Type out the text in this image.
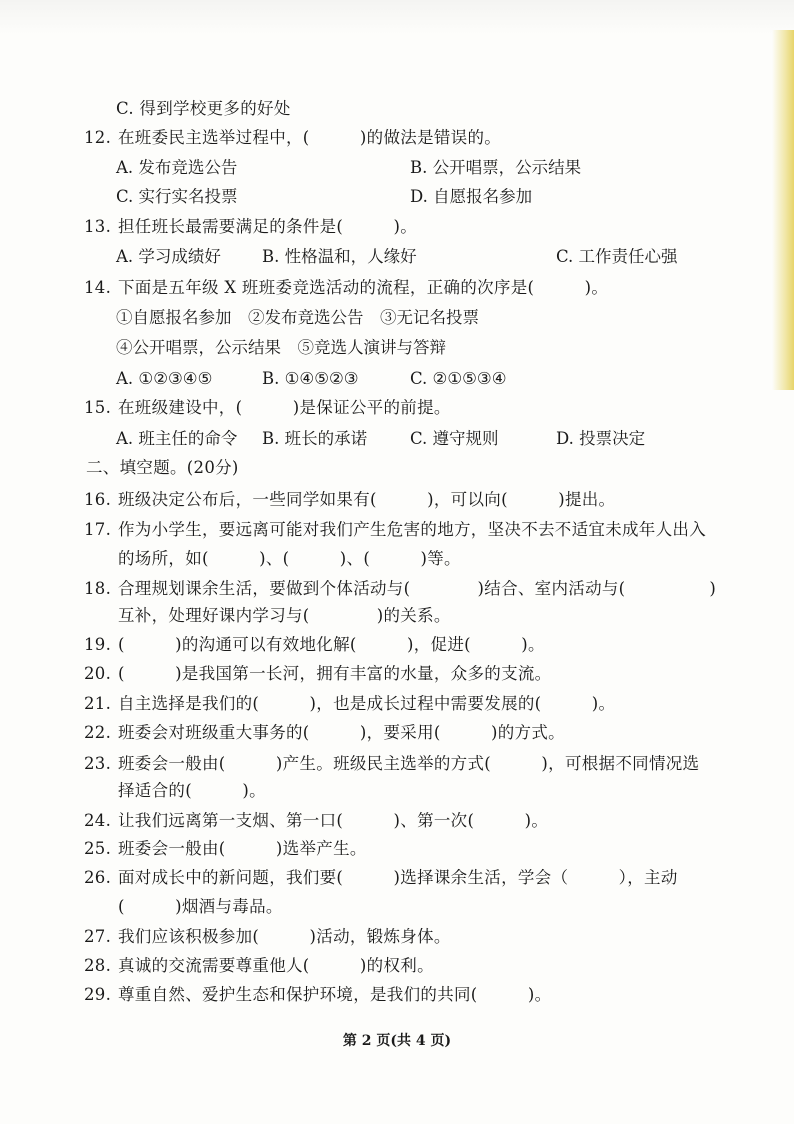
C. 得到学校更多的好处
12. 在班委民主选举过程中，(　　　)的做法是错误的。
A. 发布竞选公告	B. 公开唱票，公示结果
C. 实行实名投票	D. 自愿报名参加
13. 担任班长最需要满足的条件是(　　　)。
A. 学习成绩好 B. 性格温和，人缘好	C. 工作责任心强
14. 下面是五年级 X 班班委竞选活动的流程，正确的次序是(　　　)。
①自愿报名参加　②发布竞选公告　③无记名投票
④公开唱票，公示结果　⑤竞选人演讲与答辩
A. ①②③④⑤	B. ①④⑤②③	C. ②①⑤③④
15. 在班级建设中，(　　　)是保证公平的前提。
A. 班主任的命令 B. 班长的承诺	C. 遵守规则	D. 投票决定
二、填空题。(20分)
16. 班级决定公布后，一些同学如果有(　　　)，可以向(　　　)提出。
17. 作为小学生，要远离可能对我们产生危害的地方，坚决不去不适宜未成年人出入
的场所，如(　　　)、(　　　)、(　　　)等。
18. 合理规划课余生活，要做到个体活动与(　　　　)结合、室内活动与(　　　　　)
互补，处理好课内学习与(　　　　)的关系。
19. (　　　)的沟通可以有效地化解(　　　)，促进(　　　)。
20. (　　　)是我国第一长河，拥有丰富的水量，众多的支流。
21. 自主选择是我们的(　　　)，也是成长过程中需要发展的(　　　)。
22. 班委会对班级重大事务的(　　　)，要采用(　　　)的方式。
23. 班委会一般由(　　　)产生。班级民主选举的方式(　　　)，可根据不同情况选
择适合的(　　　)。
24. 让我们远离第一支烟、第一口(　　　)、第一次(　　　)。
25. 班委会一般由(　　　)选举产生。
26. 面对成长中的新问题，我们要(　　　)选择课余生活，学会（　　　），主动
(　　　)烟酒与毒品。
27. 我们应该积极参加(　　　)活动，锻炼身体。
28. 真诚的交流需要尊重他人(　　　)的权利。
29. 尊重自然、爱护生态和保护环境，是我们的共同(　　　)。
第 2 页(共 4 页)
